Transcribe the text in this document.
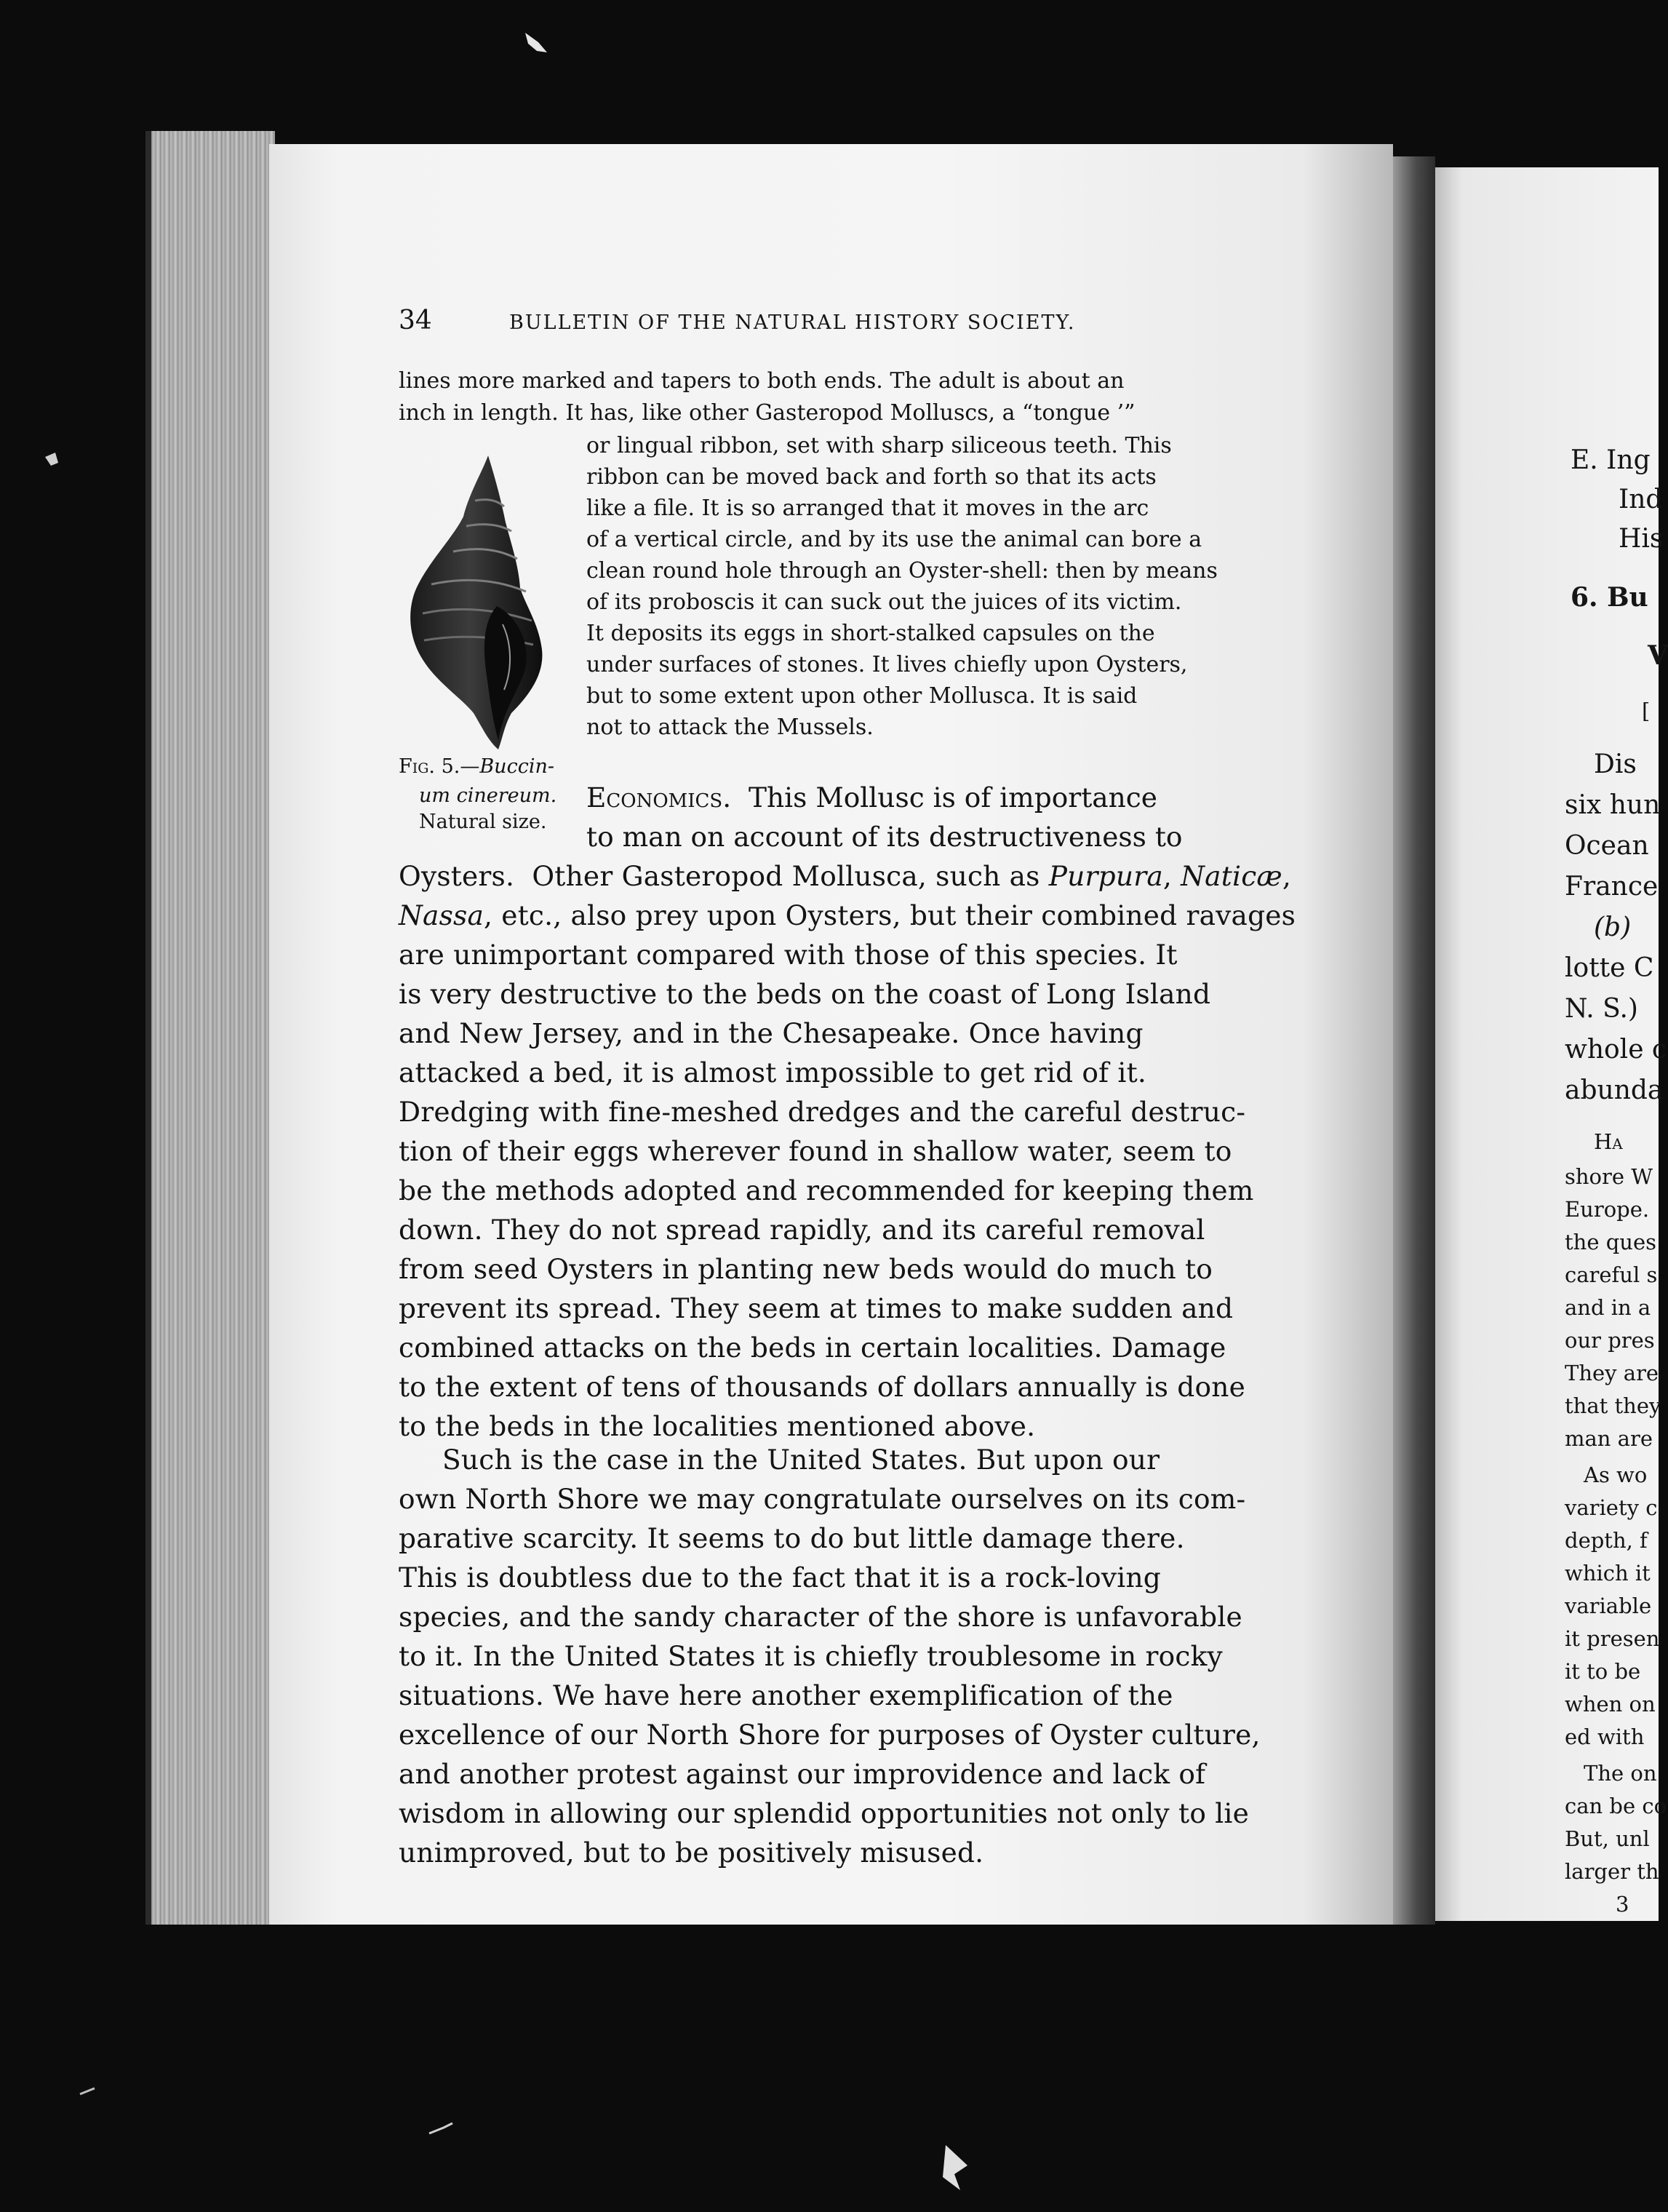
34	BULLETIN OF THE NATURAL HISTORY SOCIETY.
lines more marked and tapers to both ends. The adult is about an
inch in length. It has, like other Gasteropod Molluscs, a “tongue ’”
or lingual ribbon, set with sharp siliceous teeth. This
ribbon can be moved back and forth so that its acts
like a file. It is so arranged that it moves in the arc
of a vertical circle, and by its use the animal can bore a
clean round hole through an Oyster-shell: then by means
of its proboscis it can suck out the juices of its victim.
It deposits its eggs in short-stalked capsules on the
under surfaces of stones. It lives chiefly upon Oysters,
but to some extent upon other Mollusca. It is said
not to attack the Mussels.
Fig. 5.—Buccin-
um cinereum.
Natural size.
Economics. This Mollusc is of importance
to man on account of its destructiveness to
Oysters.  Other Gasteropod Mollusca, such as Purpura, Naticæ,
Nassa, etc., also prey upon Oysters, but their combined ravages
are unimportant compared with those of this species. It
is very destructive to the beds on the coast of Long Island
and New Jersey, and in the Chesapeake. Once having
attacked a bed, it is almost impossible to get rid of it.
Dredging with fine-meshed dredges and the careful destruc-
tion of their eggs wherever found in shallow water, seem to
be the methods adopted and recommended for keeping them
down. They do not spread rapidly, and its careful removal
from seed Oysters in planting new beds would do much to
prevent its spread. They seem at times to make sudden and
combined attacks on the beds in certain localities. Damage
to the extent of tens of thousands of dollars annually is done
to the beds in the localities mentioned above.
Such is the case in the United States. But upon our
own North Shore we may congratulate ourselves on its com-
parative scarcity. It seems to do but little damage there.
This is doubtless due to the fact that it is a rock-loving
species, and the sandy character of the shore is unfavorable
to it. In the United States it is chiefly troublesome in rocky
situations. We have here another exemplification of the
excellence of our North Shore for purposes of Oyster culture,
and another protest against our improvidence and lack of
wisdom in allowing our splendid opportunities not only to lie
unimproved, but to be positively misused.
E. Ing
Ind
His
6. Bu
V
[
Dis
six hun
Ocean
France
(b)
lotte C
N. S.)
whole c
abunda
Ha
shore W
Europe.
the ques
careful s
and in a
our pres
They are
that they
man are
As wo
variety c
depth, f
which it
variable
it presen
it to be
when on
ed with
The on
can be co
But, unl
larger th
3
